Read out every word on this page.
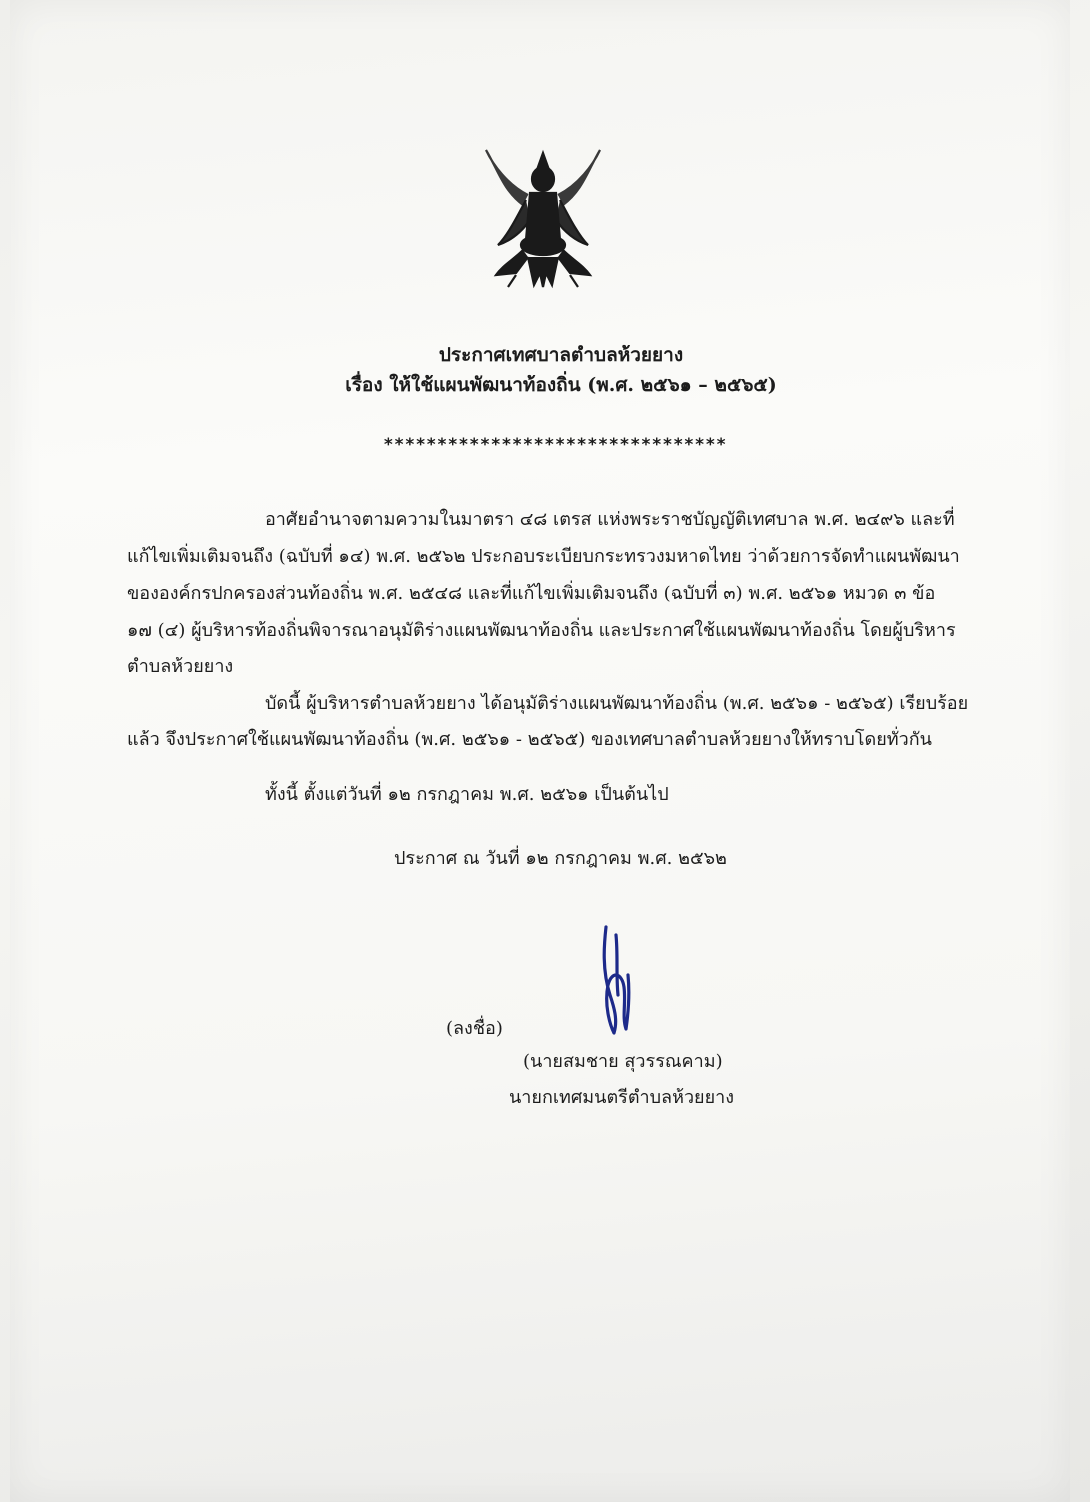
ประกาศเทศบาลตำบลห้วยยาง
เรื่อง ให้ใช้แผนพัฒนาท้องถิ่น (พ.ศ. ๒๕๖๑ – ๒๕๖๕)
********************************
อาศัยอำนาจตามความในมาตรา ๔๘ เตรส แห่งพระราชบัญญัติเทศบาล พ.ศ. ๒๔๙๖ และที่
แก้ไขเพิ่มเติมจนถึง (ฉบับที่ ๑๔) พ.ศ. ๒๕๖๒ ประกอบระเบียบกระทรวงมหาดไทย ว่าด้วยการจัดทำแผนพัฒนา
ขององค์กรปกครองส่วนท้องถิ่น พ.ศ. ๒๕๔๘ และที่แก้ไขเพิ่มเติมจนถึง (ฉบับที่ ๓) พ.ศ. ๒๕๖๑ หมวด ๓ ข้อ
๑๗ (๔) ผู้บริหารท้องถิ่นพิจารณาอนุมัติร่างแผนพัฒนาท้องถิ่น และประกาศใช้แผนพัฒนาท้องถิ่น โดยผู้บริหาร
ตำบลห้วยยาง
บัดนี้ ผู้บริหารตำบลห้วยยาง ได้อนุมัติร่างแผนพัฒนาท้องถิ่น (พ.ศ. ๒๕๖๑ - ๒๕๖๕) เรียบร้อย
แล้ว จึงประกาศใช้แผนพัฒนาท้องถิ่น (พ.ศ. ๒๕๖๑ - ๒๕๖๕) ของเทศบาลตำบลห้วยยางให้ทราบโดยทั่วกัน
ทั้งนี้ ตั้งแต่วันที่ ๑๒ กรกฎาคม พ.ศ. ๒๕๖๑ เป็นต้นไป
ประกาศ ณ วันที่ ๑๒ กรกฎาคม พ.ศ. ๒๕๖๒
(ลงชื่อ)
(นายสมชาย สุวรรณคาม)
นายกเทศมนตรีตำบลห้วยยาง
